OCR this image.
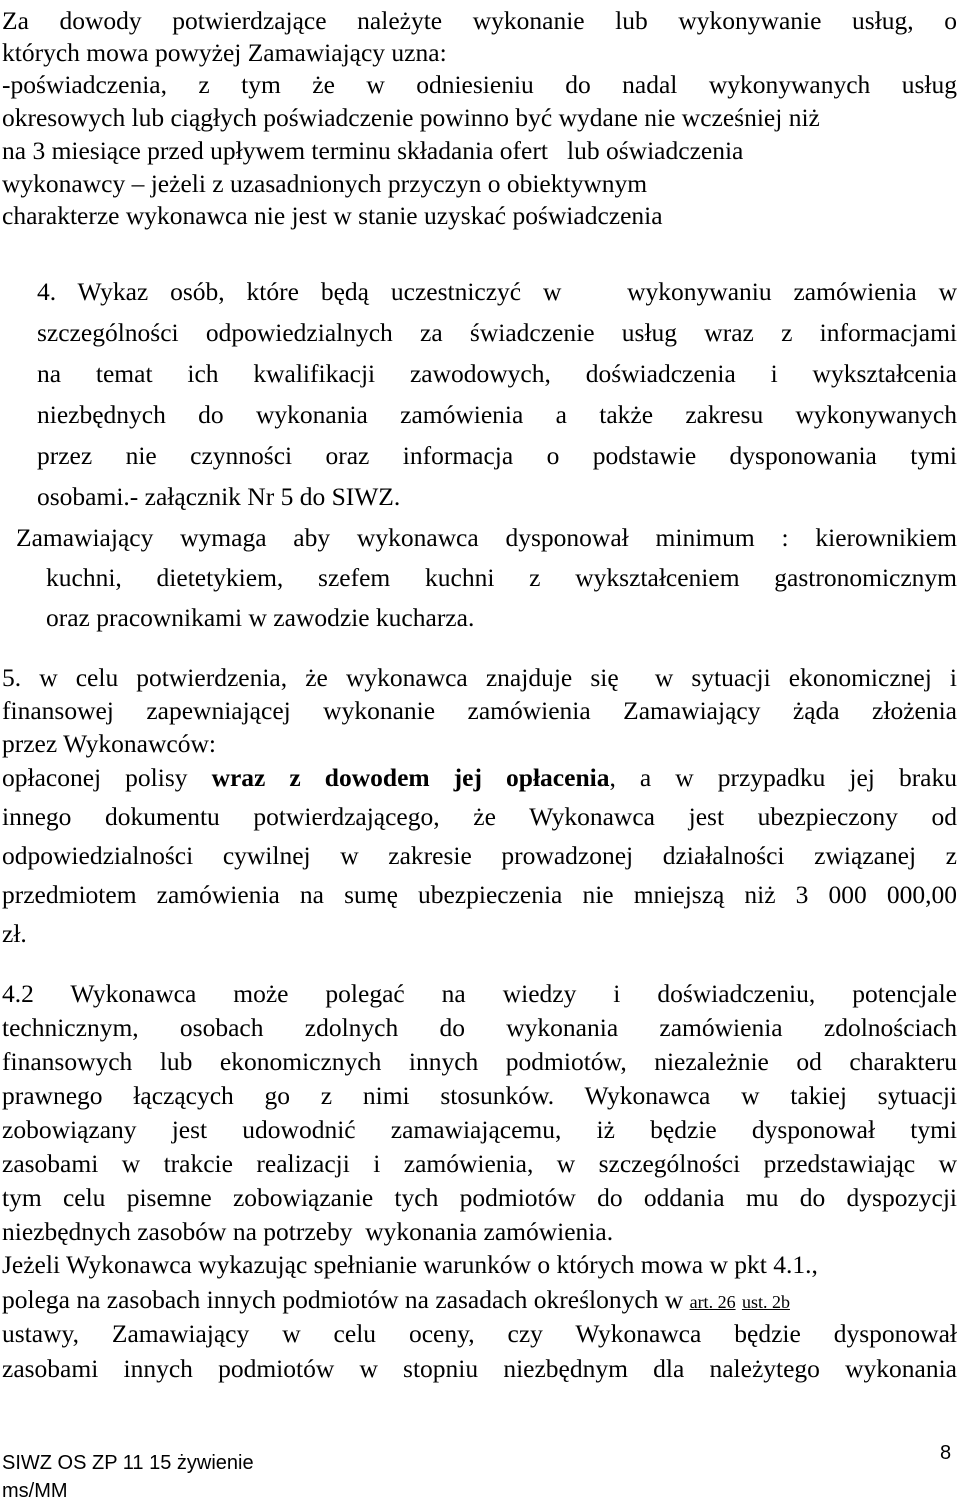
Za dowody potwierdzające należyte wykonanie lub wykonywanie usług, o
których mowa powyżej Zamawiający uzna:
-poświadczenia, z tym że w odniesieniu do nadal wykonywanych usług
okresowych lub ciągłych poświadczenie powinno być wydane nie wcześniej niż
na 3 miesiące przed upływem terminu składania ofert   lub oświadczenia
wykonawcy – jeżeli z uzasadnionych przyczyn o obiektywnym
charakterze wykonawca nie jest w stanie uzyskać poświadczenia
4. Wykaz osób, które będą uczestniczyć w   wykonywaniu zamówienia w
szczególności odpowiedzialnych za świadczenie usług wraz z informacjami
na temat ich kwalifikacji zawodowych, doświadczenia i wykształcenia
niezbędnych do wykonania zamówienia a także zakresu wykonywanych
przez nie czynności oraz informacja o podstawie dysponowania tymi
osobami.- załącznik Nr 5 do SIWZ.
Zamawiający wymaga aby wykonawca dysponował minimum : kierownikiem
kuchni, dietetykiem, szefem kuchni z wykształceniem gastronomicznym
oraz pracownikami w zawodzie kucharza.
5. w celu potwierdzenia, że wykonawca znajduje się  w sytuacji ekonomicznej i
finansowej zapewniającej wykonanie zamówienia Zamawiający żąda złożenia
przez Wykonawców:
opłaconej polisy wraz z dowodem jej opłacenia, a w przypadku jej braku
innego dokumentu potwierdzającego, że Wykonawca jest ubezpieczony od
odpowiedzialności cywilnej w zakresie prowadzonej działalności związanej z
przedmiotem zamówienia na sumę ubezpieczenia nie mniejszą niż 3 000 000,00
zł.
4.2 Wykonawca może polegać na wiedzy i doświadczeniu, potencjale
technicznym, osobach zdolnych do wykonania zamówienia zdolnościach
finansowych lub ekonomicznych innych podmiotów, niezależnie od charakteru
prawnego łączących go z nimi stosunków. Wykonawca w takiej sytuacji
zobowiązany jest udowodnić zamawiającemu, iż będzie dysponował tymi
zasobami w trakcie realizacji i zamówienia, w szczególności przedstawiając w
tym celu pisemne zobowiązanie tych podmiotów do oddania mu do dyspozycji
niezbędnych zasobów na potrzeby  wykonania zamówienia.
Jeżeli Wykonawca wykazując spełnianie warunków o których mowa w pkt 4.1.,
polega na zasobach innych podmiotów na zasadach określonych w art. 26 ust. 2b
ustawy, Zamawiający w celu oceny, czy Wykonawca będzie dysponował
zasobami innych podmiotów w stopniu niezbędnym dla należytego wykonania
8
SIWZ OS ZP 11 15 żywienie
ms/MM
